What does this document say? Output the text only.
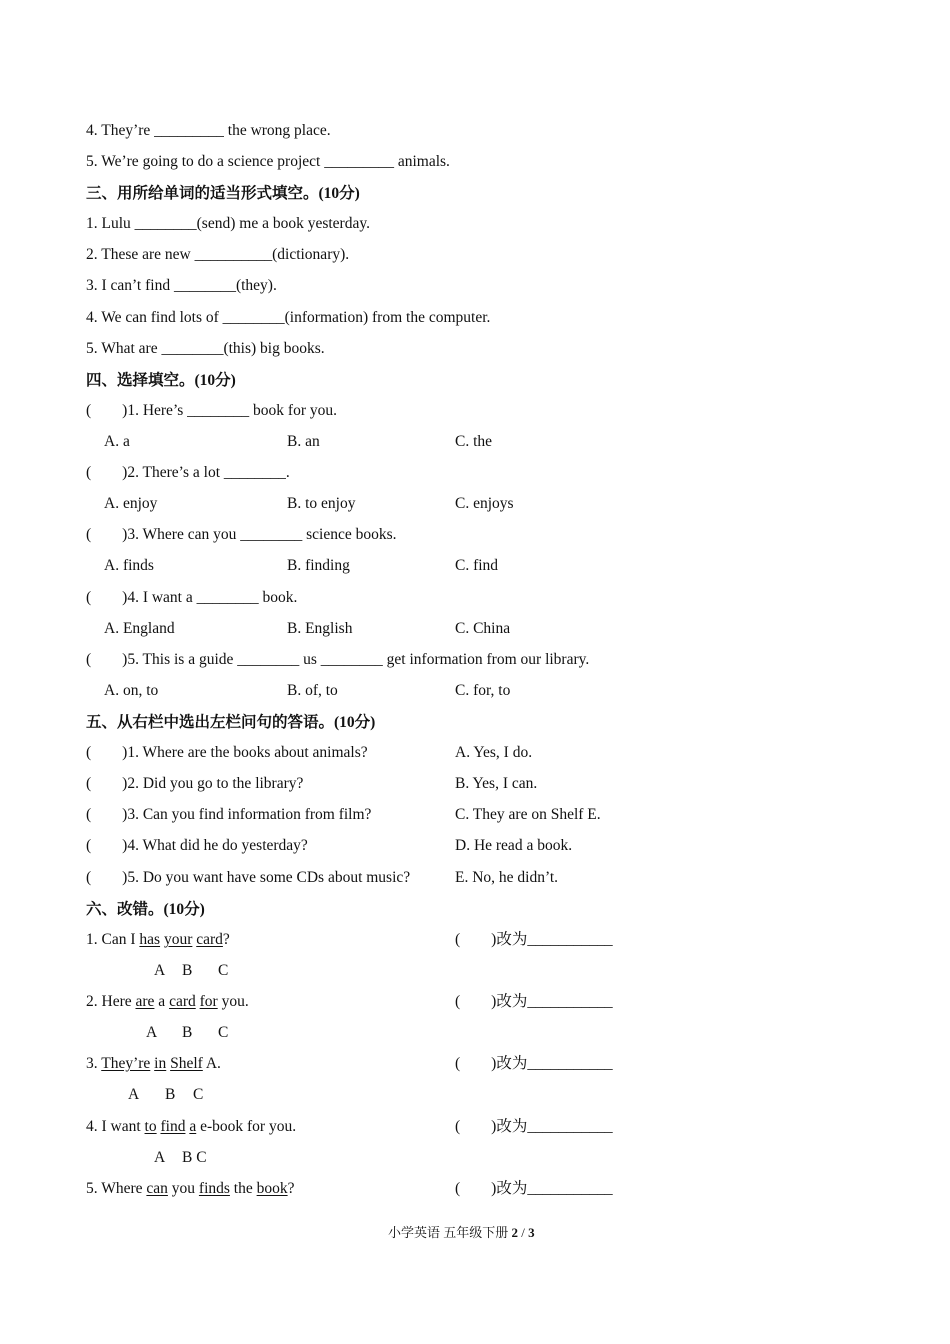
4. They’re _________ the wrong place.
5. We’re going to do a science project _________ animals.
三、用所给单词的适当形式填空。(10分)
1. Lulu ________(send) me a book yesterday.
2. These are new __________(dictionary).
3. I can’t find ________(they).
4. We can find lots of ________(information) from the computer.
5. What are ________(this) big books.
四、选择填空。(10分)
(　　)1. Here’s ________ book for you.
A. a	B. an	C. the
(　　)2. There’s a lot ________.
A. enjoy	B. to enjoy	C. enjoys
(　　)3. Where can you ________ science books.
A. finds	B. finding	C. find
(　　)4. I want a ________ book.
A. England	B. English	C. China
(　　)5. This is a guide ________ us ________ get information from our library.
A. on, to	B. of, to	C. for, to
五、从右栏中选出左栏问句的答语。(10分)
(　　)1. Where are the books about animals?	A. Yes, I do.
(　　)2. Did you go to the library?	B. Yes, I can.
(　　)3. Can you find information from film?	C. They are on Shelf E.
(　　)4. What did he do yesterday?	D. He read a book.
(　　)5. Do you want have some CDs about music?	E. No, he didn’t.
六、改错。(10分)
1. Can I has your card?	(　　)改为___________
A B C
2. Here are a card for you.	(　　)改为___________
A B C
3. They’re in Shelf A.	(　　)改为___________
A B C
4. I want to find a e-book for you.	(　　)改为___________
A B C
5. Where can you finds the book?	(　　)改为___________
小学英语 五年级下册 2 / 3
